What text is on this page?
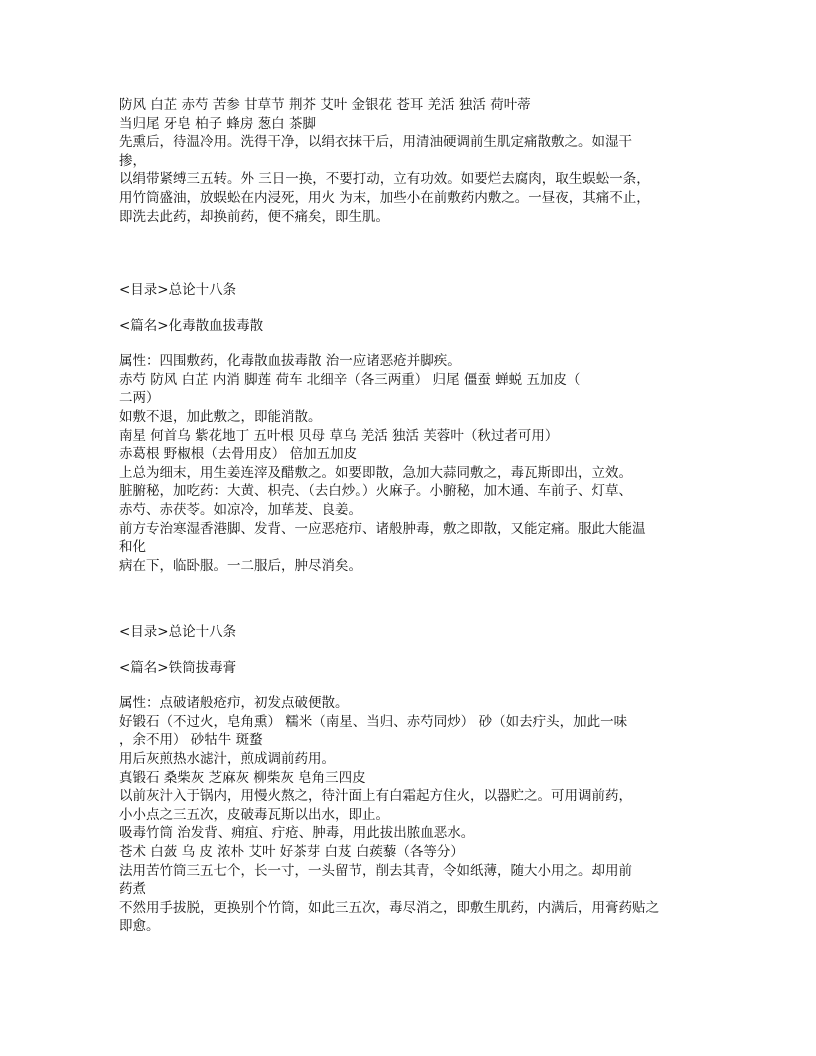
防风 白芷 赤芍 苦参 甘草节 荆芥 艾叶 金银花 苍耳 羌活 独活 荷叶蒂
当归尾 牙皂 柏子 蜂房 葱白 茶脚
先熏后，待温冷用。洗得干净，以绢衣抹干后，用清油硬调前生肌定痛散敷之。如湿干
掺，
以绢带紧缚三五转。外 三日一换，不要打动，立有功效。如要烂去腐肉，取生蜈蚣一条，
用竹筒盛油，放蜈蚣在内浸死，用火 为末，加些小在前敷药内敷之。一昼夜，其痛不止，
即洗去此药，却换前药，便不痛矣，即生肌。
<目录>总论十八条
<篇名>化毒散血拔毒散
属性：四围敷药，化毒散血拔毒散 治一应诸恶疮并脚疾。
赤芍 防风 白芷 内消 脚莲 荷车 北细辛（各三两重） 归尾 僵蚕 蝉蜕 五加皮（
二两）
如敷不退，加此敷之，即能消散。
南星 何首乌 紫花地丁 五叶根 贝母 草乌 羌活 独活 芙蓉叶（秋过者可用）
赤葛根 野椒根（去骨用皮） 倍加五加皮
上总为细末，用生姜连滓及醋敷之。如要即散，急加大蒜同敷之，毒瓦斯即出，立效。
脏腑秘，加吃药：大黄、枳壳、（去白炒。）火麻子。小腑秘，加木通、车前子、灯草、
赤芍、赤茯苓。如凉冷，加荜茇、良姜。
前方专治寒湿香港脚、发背、一应恶疮疖、诸般肿毒，敷之即散，又能定痛。服此大能温
和化
病在下，临卧服。一二服后，肿尽消矣。
<目录>总论十八条
<篇名>铁筒拔毒膏
属性：点破诸般疮疖，初发点破便散。
好锻石（不过火，皂角熏） 糯米（南星、当归、赤芍同炒） 砂（如去疔头，加此一味
，余不用） 砂牯牛 斑蝥
用后灰煎热水滤汁，煎成调前药用。
真锻石 桑柴灰 芝麻灰 柳柴灰 皂角三四皮
以前灰汁入于锅内，用慢火熬之，待汁面上有白霜起方住火，以器贮之。可用调前药，
小小点之三五次，皮破毒瓦斯以出水，即止。
吸毒竹筒 治发背、痈疽、疔疮、肿毒，用此拔出脓血恶水。
苍术 白蔹 乌 皮 浓朴 艾叶 好茶芽 白芨 白蒺藜（各等分）
法用苦竹筒三五七个，长一寸，一头留节，削去其青，令如纸薄，随大小用之。却用前
药煮
不然用手拔脱，更换别个竹筒，如此三五次，毒尽消之，即敷生肌药，内满后，用膏药贴之
即愈。
